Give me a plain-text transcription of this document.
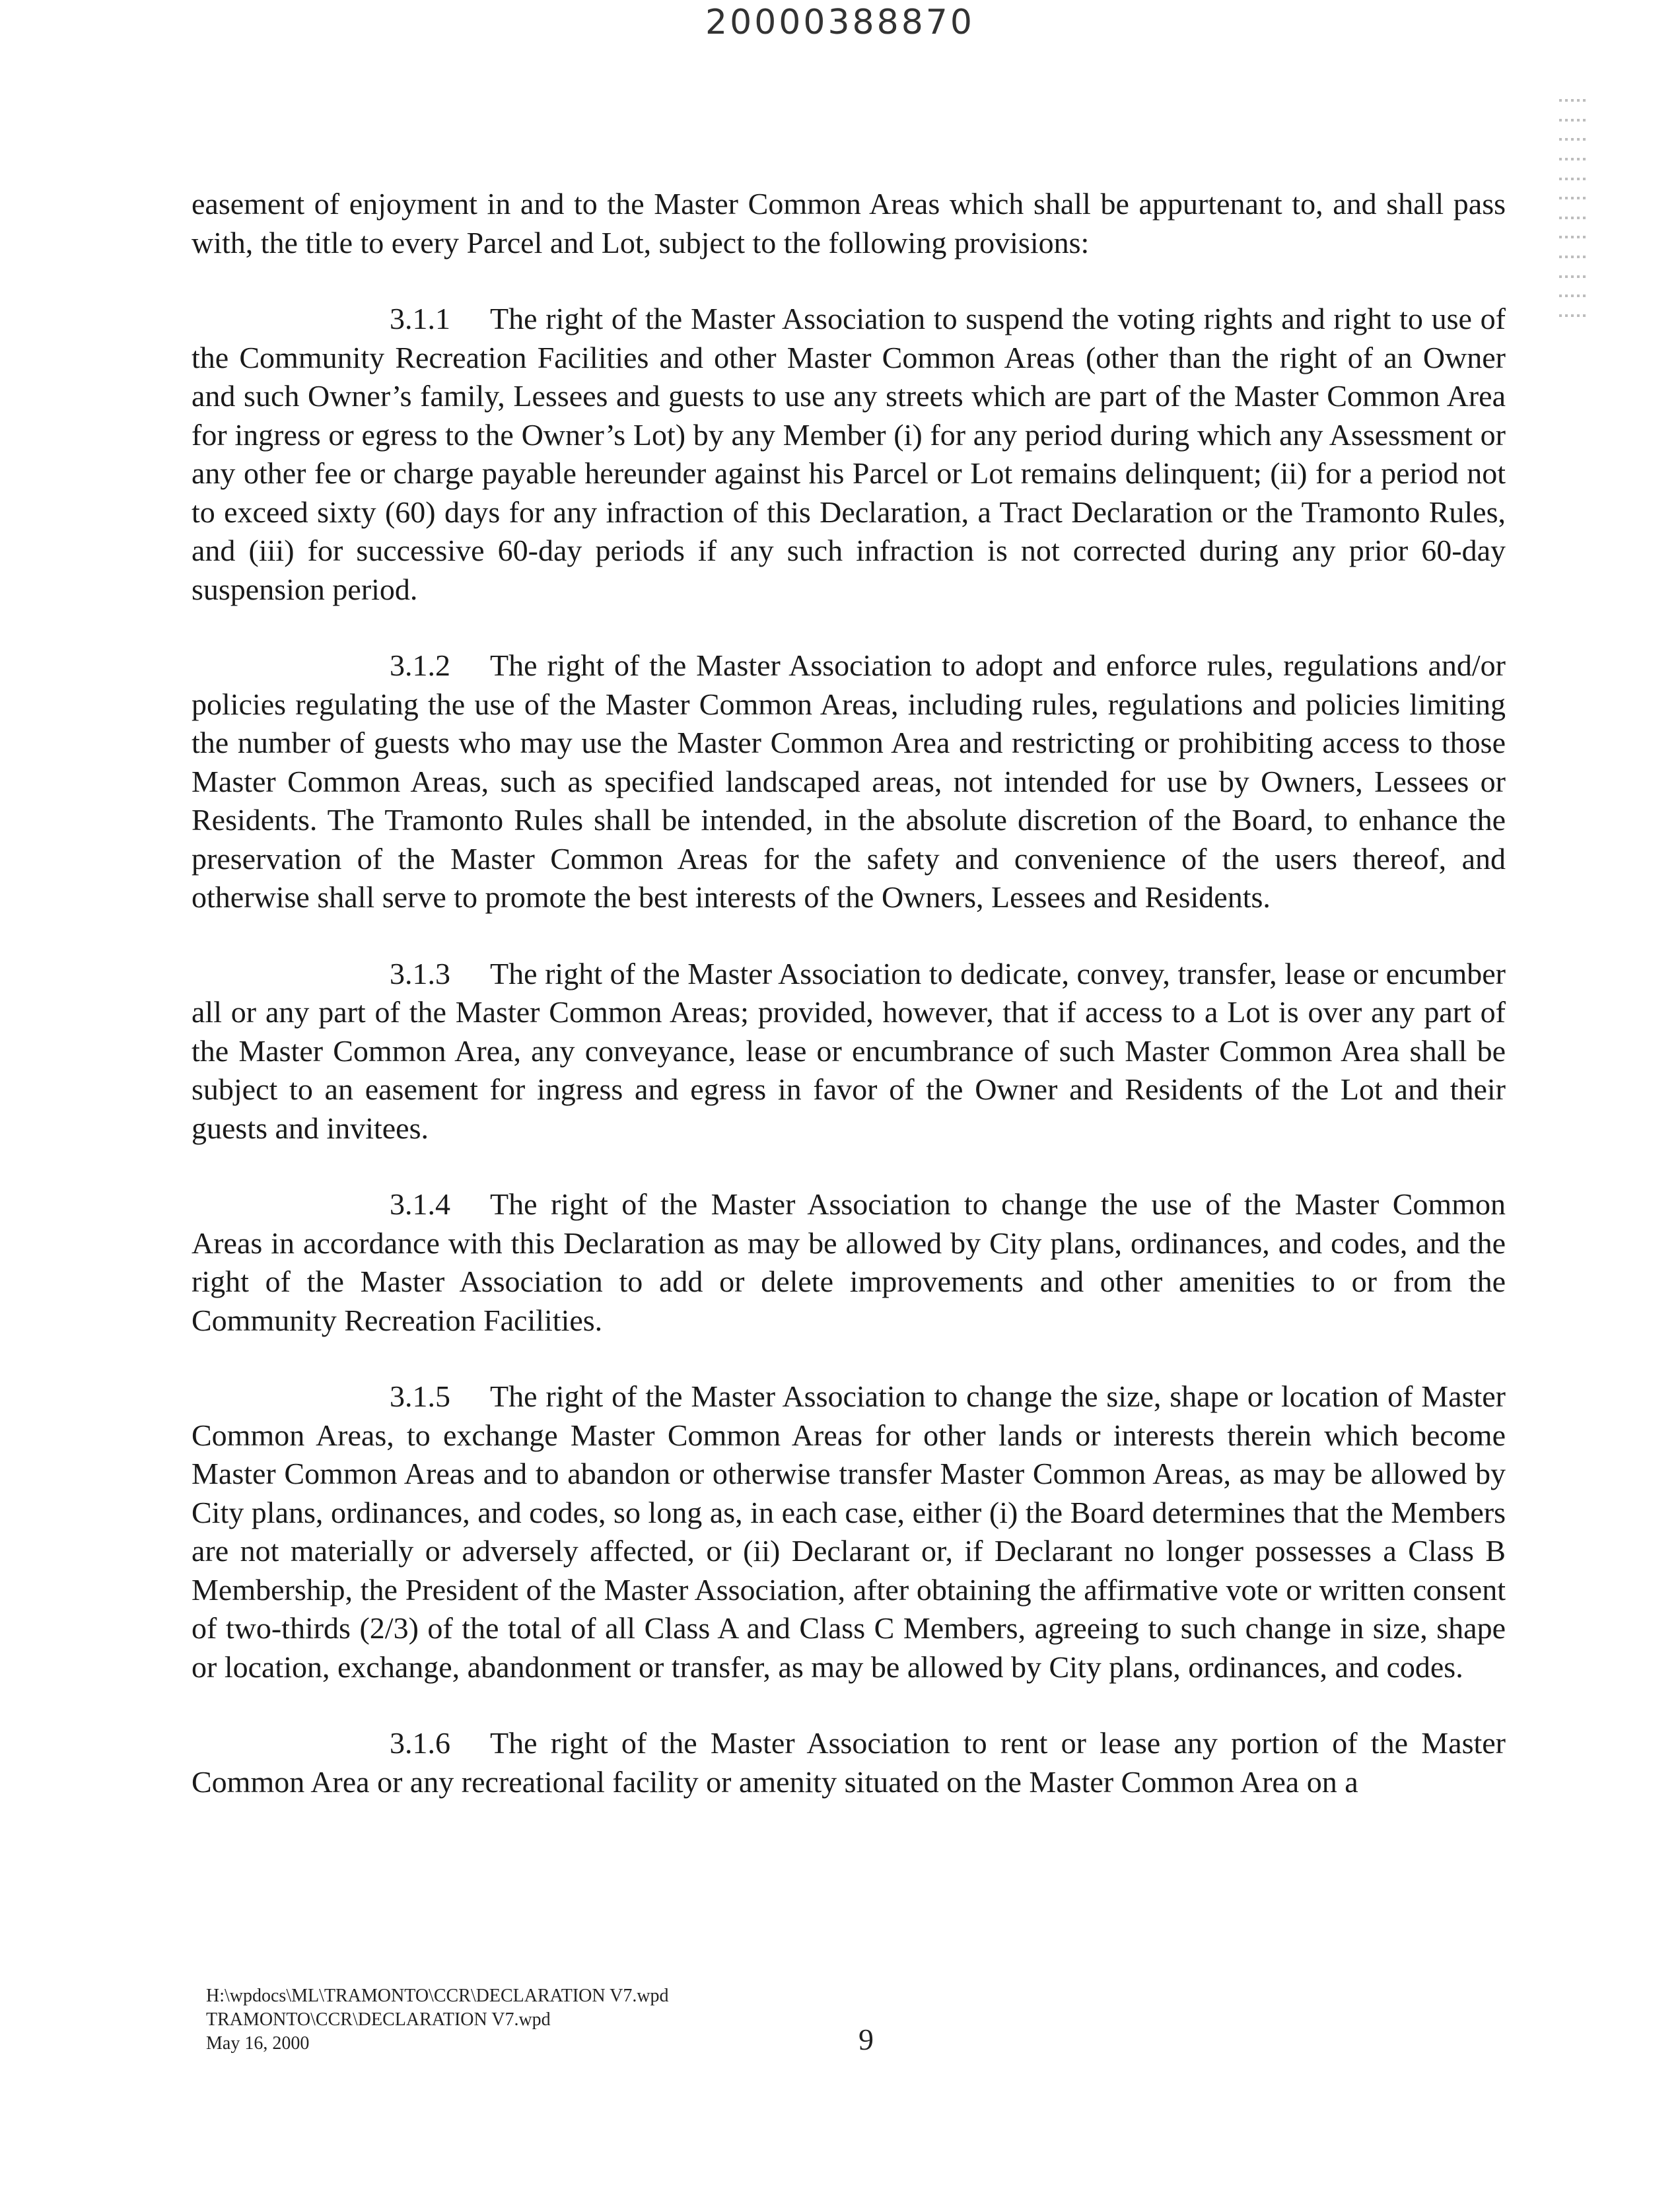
20000388870

easement of enjoyment in and to the Master Common Areas which shall be appurtenant to, and shall pass with, the title to every Parcel and Lot, subject to the following provisions:

3.1.1 The right of the Master Association to suspend the voting rights and right to use of the Community Recreation Facilities and other Master Common Areas (other than the right of an Owner and such Owner’s family, Lessees and guests to use any streets which are part of the Master Common Area for ingress or egress to the Owner’s Lot) by any Member (i) for any period during which any Assessment or any other fee or charge payable hereunder against his Parcel or Lot remains delinquent; (ii) for a period not to exceed sixty (60) days for any infraction of this Declaration, a Tract Declaration or the Tramonto Rules, and (iii) for successive 60-day periods if any such infraction is not corrected during any prior 60-day suspension period.

3.1.2 The right of the Master Association to adopt and enforce rules, regulations and/or policies regulating the use of the Master Common Areas, including rules, regulations and policies limiting the number of guests who may use the Master Common Area and restricting or prohibiting access to those Master Common Areas, such as specified landscaped areas, not intended for use by Owners, Lessees or Residents. The Tramonto Rules shall be intended, in the absolute discretion of the Board, to enhance the preservation of the Master Common Areas for the safety and convenience of the users thereof, and otherwise shall serve to promote the best interests of the Owners, Lessees and Residents.

3.1.3 The right of the Master Association to dedicate, convey, transfer, lease or encumber all or any part of the Master Common Areas; provided, however, that if access to a Lot is over any part of the Master Common Area, any conveyance, lease or encumbrance of such Master Common Area shall be subject to an easement for ingress and egress in favor of the Owner and Residents of the Lot and their guests and invitees.

3.1.4 The right of the Master Association to change the use of the Master Common Areas in accordance with this Declaration as may be allowed by City plans, ordinances, and codes, and the right of the Master Association to add or delete improvements and other amenities to or from the Community Recreation Facilities.

3.1.5 The right of the Master Association to change the size, shape or location of Master Common Areas, to exchange Master Common Areas for other lands or interests therein which become Master Common Areas and to abandon or otherwise transfer Master Common Areas, as may be allowed by City plans, ordinances, and codes, so long as, in each case, either (i) the Board determines that the Members are not materially or adversely affected, or (ii) Declarant or, if Declarant no longer possesses a Class B Membership, the President of the Master Association, after obtaining the affirmative vote or written consent of two-thirds (2/3) of the total of all Class A and Class C Members, agreeing to such change in size, shape or location, exchange, abandonment or transfer, as may be allowed by City plans, ordinances, and codes.

3.1.6 The right of the Master Association to rent or lease any portion of the Master Common Area or any recreational facility or amenity situated on the Master Common Area on a

H:\wpdocs\ML\TRAMONTO\CCR\DECLARATION V7.wpd
TRAMONTO\CCR\DECLARATION V7.wpd
May 16, 2000	9
